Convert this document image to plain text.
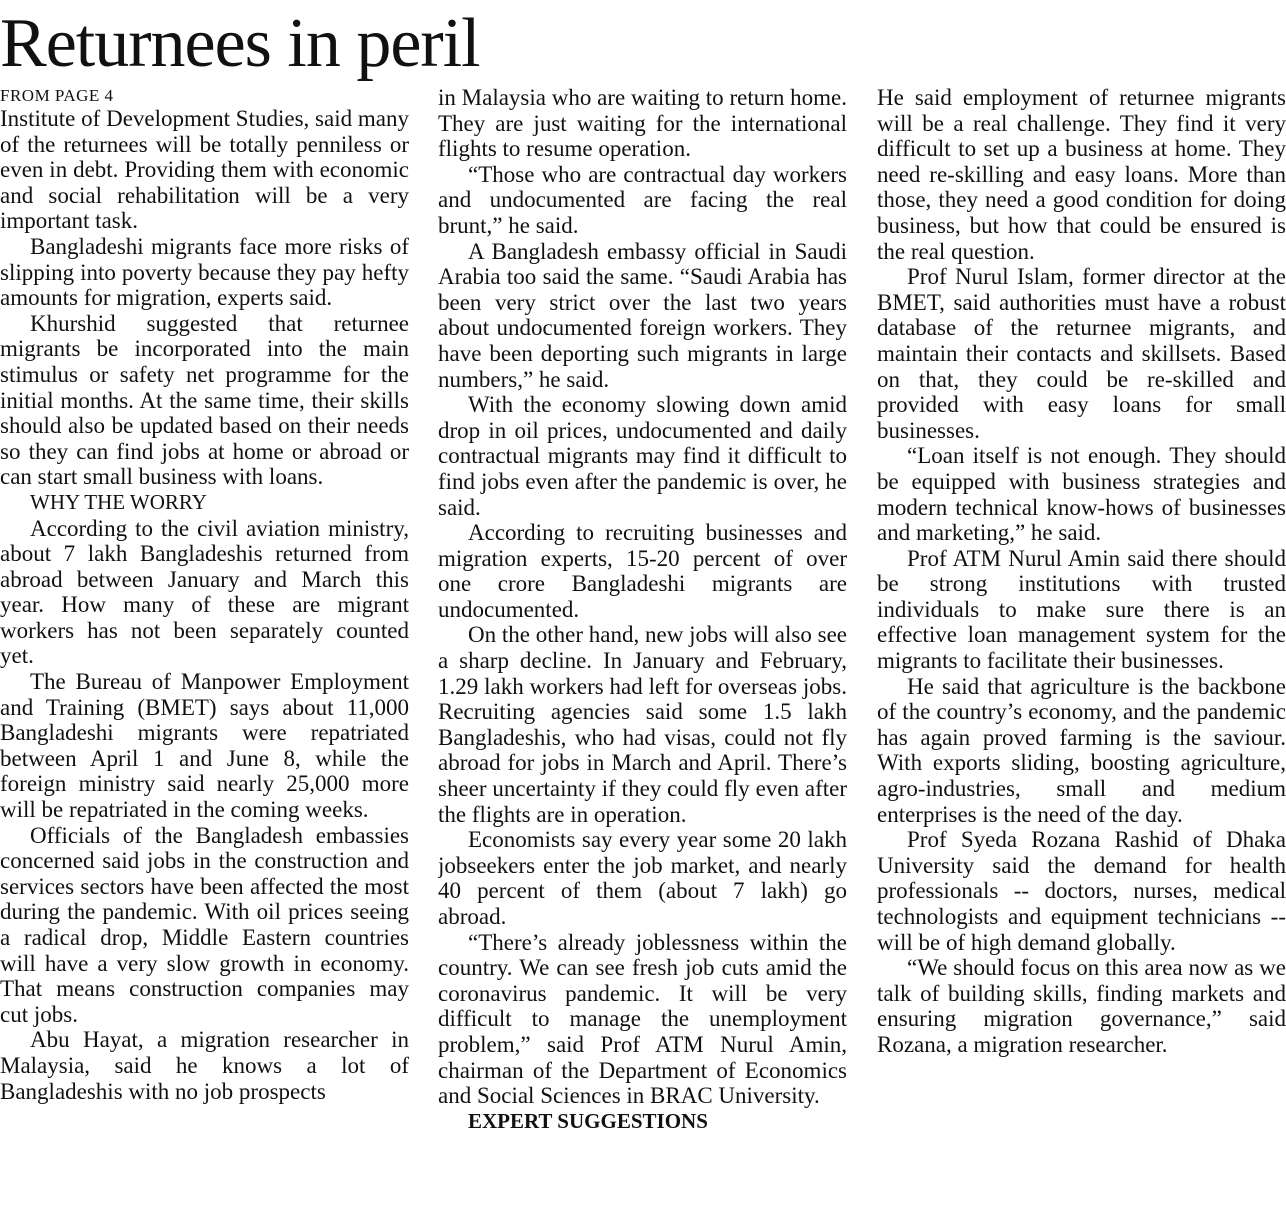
Returnees in peril
FROM PAGE 4

Institute of Development Studies, said many of the returnees will be totally penniless or even in debt. Providing them with economic and social rehabilitation will be a very important task.

Bangladeshi migrants face more risks of slipping into poverty because they pay hefty amounts for migration, experts said.

Khurshid suggested that returnee migrants be incorporated into the main stimulus or safety net programme for the initial months. At the same time, their skills should also be updated based on their needs so they can find jobs at home or abroad or can start small business with loans.

WHY THE WORRY

According to the civil aviation ministry, about 7 lakh Bangladeshis returned from abroad between January and March this year. How many of these are migrant workers has not been separately counted yet.

The Bureau of Manpower Employment and Training (BMET) says about 11,000 Bangladeshi migrants were repatriated between April 1 and June 8, while the foreign ministry said nearly 25,000 more will be repatriated in the coming weeks.

Officials of the Bangladesh embassies concerned said jobs in the construction and services sectors have been affected the most during the pandemic. With oil prices seeing a radical drop, Middle Eastern countries will have a very slow growth in economy. That means construction companies may cut jobs.

Abu Hayat, a migration researcher in Malaysia, said he knows a lot of Bangladeshis with no job prospects

in Malaysia who are waiting to return home. They are just waiting for the international flights to resume operation.

“Those who are contractual day workers and undocumented are facing the real brunt,” he said.

A Bangladesh embassy official in Saudi Arabia too said the same. “Saudi Arabia has been very strict over the last two years about undocumented foreign workers. They have been deporting such migrants in large numbers,” he said.

With the economy slowing down amid drop in oil prices, undocumented and daily contractual migrants may find it difficult to find jobs even after the pandemic is over, he said.

According to recruiting businesses and migration experts, 15-20 percent of over one crore Bangladeshi migrants are undocumented.

On the other hand, new jobs will also see a sharp decline. In January and February, 1.29 lakh workers had left for overseas jobs. Recruiting agencies said some 1.5 lakh Bangladeshis, who had visas, could not fly abroad for jobs in March and April. There’s sheer uncertainty if they could fly even after the flights are in operation.

Economists say every year some 20 lakh jobseekers enter the job market, and nearly 40 percent of them (about 7 lakh) go abroad.

“There’s already joblessness within the country. We can see fresh job cuts amid the coronavirus pandemic. It will be very difficult to manage the unemployment problem,” said Prof ATM Nurul Amin, chairman of the Department of Economics and Social Sciences in BRAC University.

EXPERT SUGGESTIONS

He said employment of returnee migrants will be a real challenge. They find it very difficult to set up a business at home. They need re-skilling and easy loans. More than those, they need a good condition for doing business, but how that could be ensured is the real question.

Prof Nurul Islam, former director at the BMET, said authorities must have a robust database of the returnee migrants, and maintain their contacts and skillsets. Based on that, they could be re-skilled and provided with easy loans for small businesses.

“Loan itself is not enough. They should be equipped with business strategies and modern technical know-hows of businesses and marketing,” he said.

Prof ATM Nurul Amin said there should be strong institutions with trusted individuals to make sure there is an effective loan management system for the migrants to facilitate their businesses.

He said that agriculture is the backbone of the country’s economy, and the pandemic has again proved farming is the saviour. With exports sliding, boosting agriculture, agro-industries, small and medium enterprises is the need of the day.

Prof Syeda Rozana Rashid of Dhaka University said the demand for health professionals -- doctors, nurses, medical technologists and equipment technicians -- will be of high demand globally.

“We should focus on this area now as we talk of building skills, finding markets and ensuring migration governance,” said Rozana, a migration researcher.
